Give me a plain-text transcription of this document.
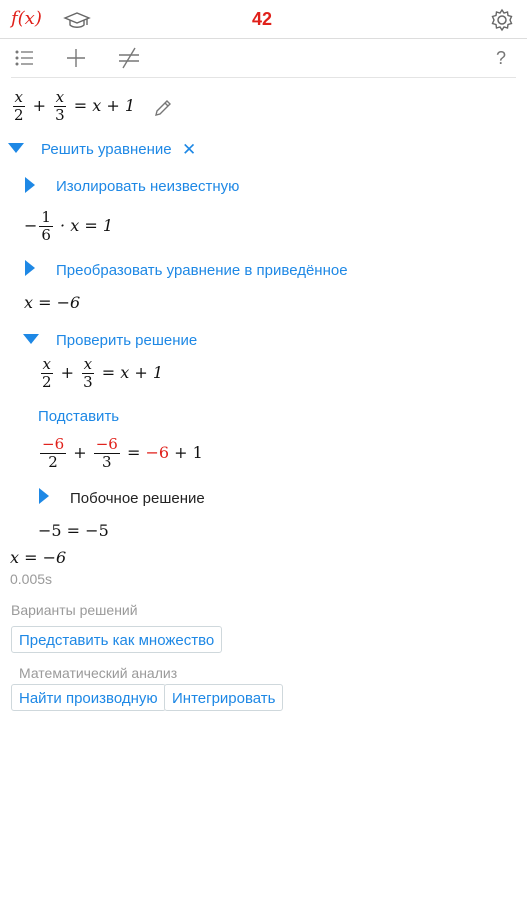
f(x)	42
?
$\frac{x}{2} + \frac{x}{3} = x + 1$
Решить уравнение ✕
Изолировать неизвестную
− $\frac{1}{6} \cdot x = 1$
Преобразовать уравнение в приведённое
x = −6
Проверить решение
$\frac{x}{2} + \frac{x}{3} = x + 1$
Подставить
$\frac{-6}{2} + \frac{-6}{3} = -6 + 1$
Побочное решение
−5 = −5
x = −6
0.005s
Варианты решений
Представить как множество
Математический анализ
Найти производную Интегрировать
